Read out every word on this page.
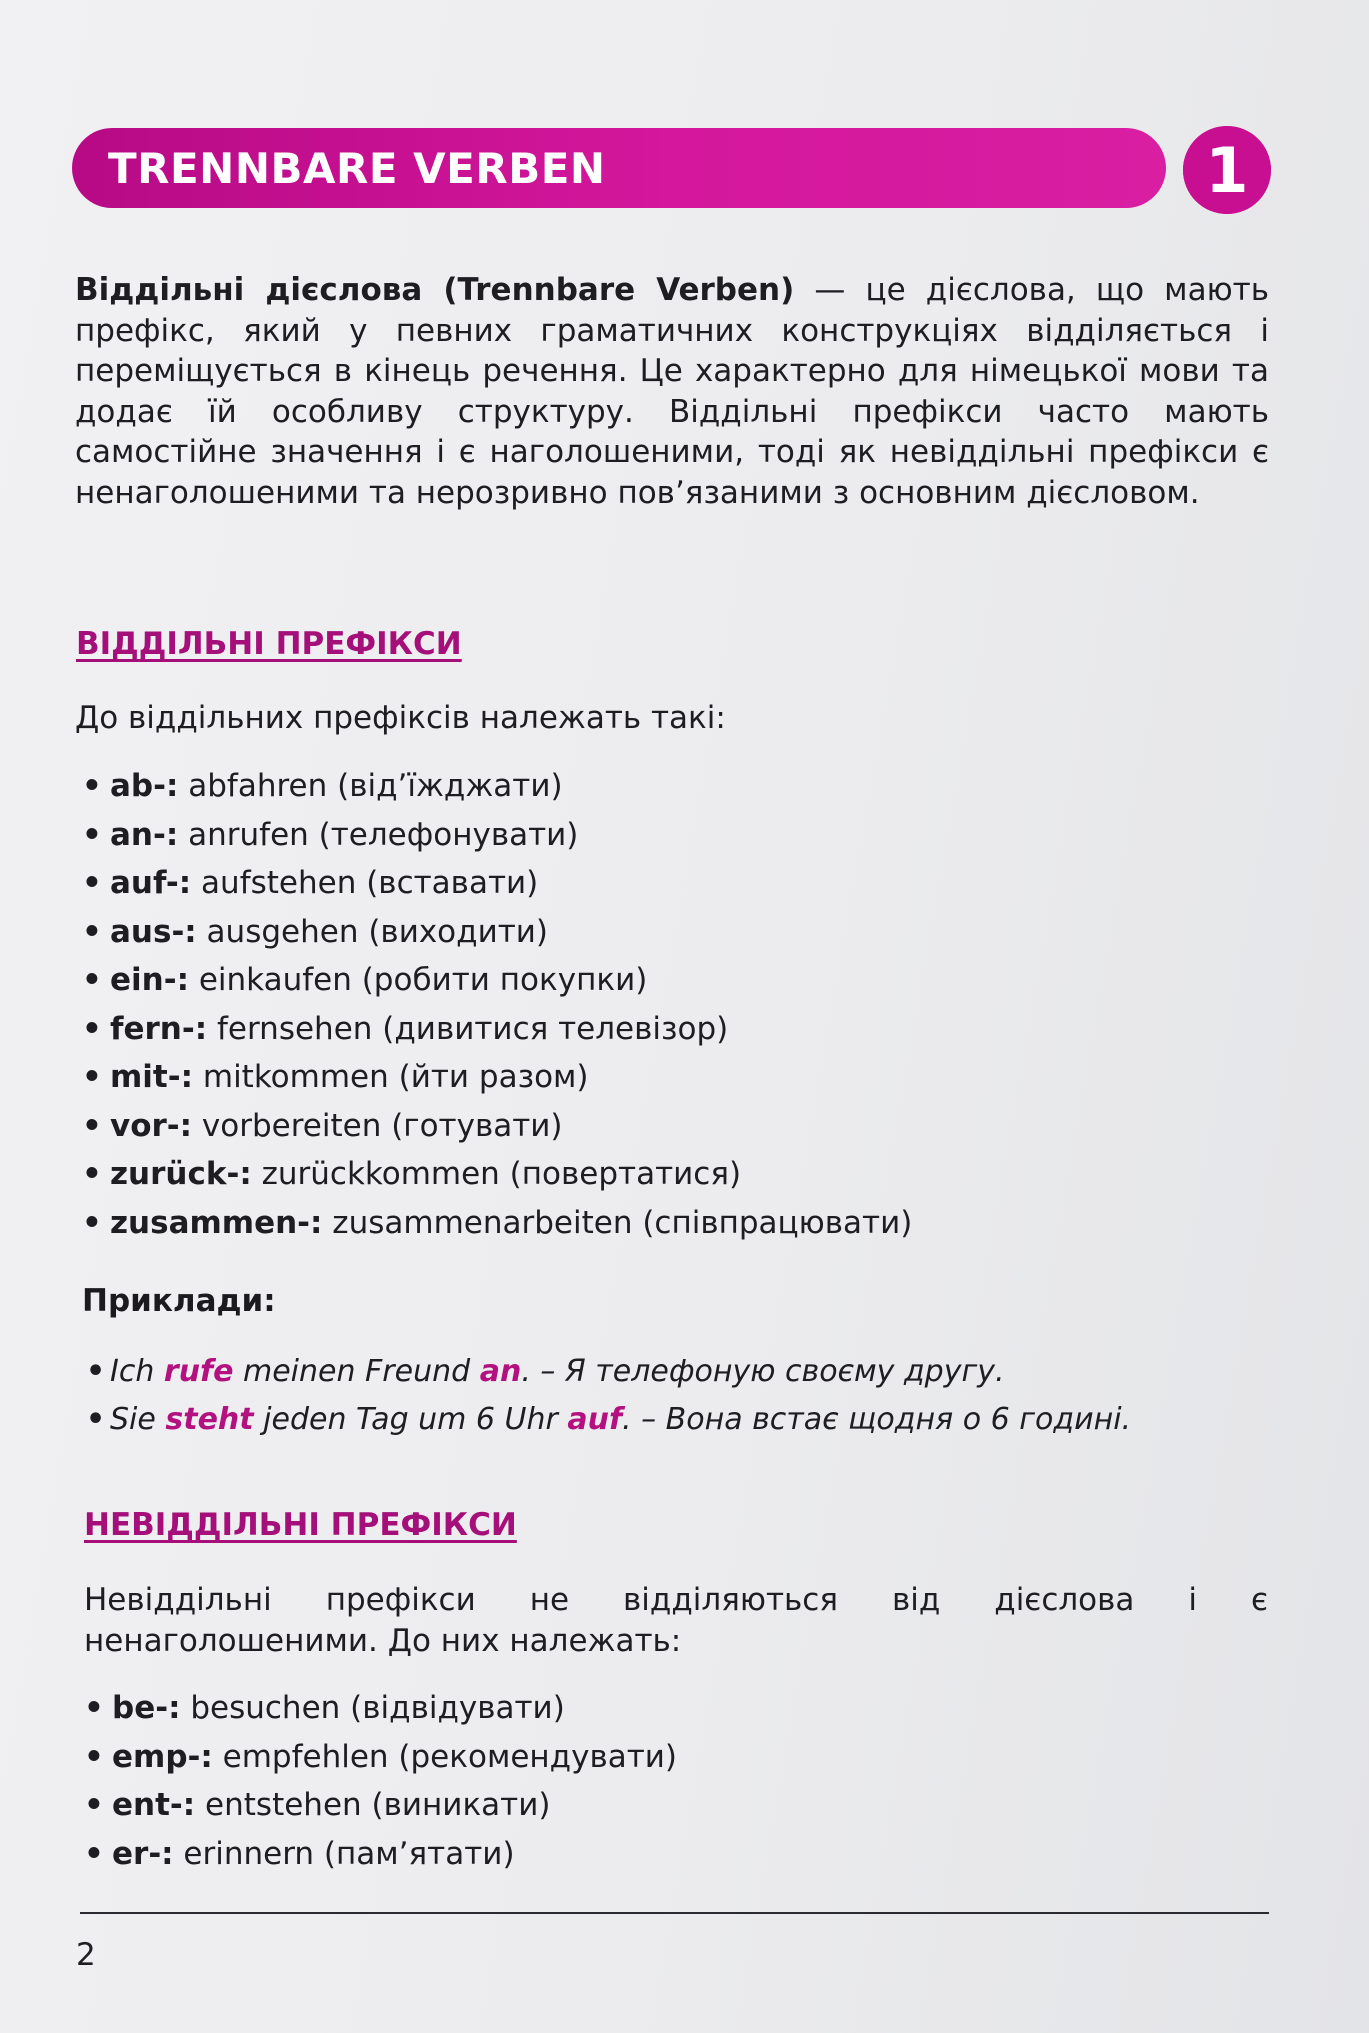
TRENNBARE VERBEN	1

Віддільні дієслова (Trennbare Verben) — це дієслова, що мають префікс, який у певних граматичних конструкціях відділяється і переміщується в кінець речення. Це характерно для німецької мови та додає їй особливу структуру. Віддільні префікси часто мають самостійне значення і є наголошеними, тоді як невіддільні префікси є ненаголошеними та нерозривно пов’язаними з основним дієсловом.

ВІДДІЛЬНІ ПРЕФІКСИ

До віддільних префіксів належать такі:

• ab-: abfahren (від’їжджати)
• an-: anrufen (телефонувати)
• auf-: aufstehen (вставати)
• aus-: ausgehen (виходити)
• ein-: einkaufen (робити покупки)
• fern-: fernsehen (дивитися телевізор)
• mit-: mitkommen (йти разом)
• vor-: vorbereiten (готувати)
• zurück-: zurückkommen (повертатися)
• zusammen-: zusammenarbeiten (співпрацювати)

Приклади:

• Ich rufe meinen Freund an. – Я телефоную своєму другу.
• Sie steht jeden Tag um 6 Uhr auf. – Вона встає щодня о 6 годині.
НЕВІДДІЛЬНІ ПРЕФІКСИ
Невіддільні префікси не відділяються від дієслова і є
ненаголошеними. До них належать:
• be-: besuchen (відвідувати)
• emp-: empfehlen (рекомендувати)
• ent-: entstehen (виникати)
• er-: erinnern (пам’ятати)
2
